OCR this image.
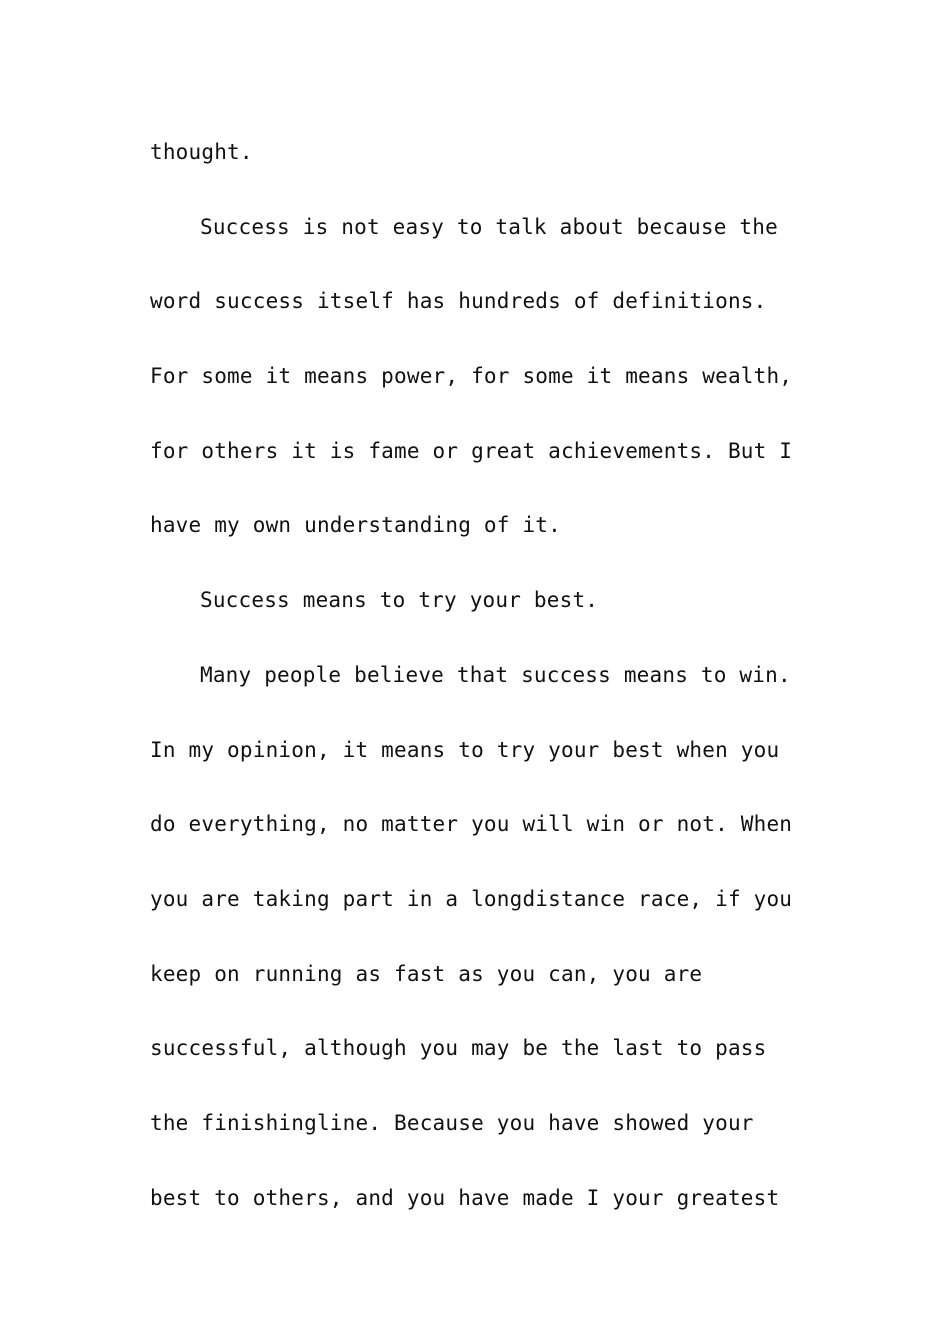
thought.
Success is not easy to talk about because the
word success itself has hundreds of definitions.
For some it means power, for some it means wealth,
for others it is fame or great achievements. But I
have my own understanding of it.
Success means to try your best.
Many people believe that success means to win.
In my opinion, it means to try your best when you
do everything, no matter you will win or not. When
you are taking part in a longdistance race, if you
keep on running as fast as you can, you are
successful, although you may be the last to pass
the finishingline. Because you have showed your
best to others, and you have made I your greatest
